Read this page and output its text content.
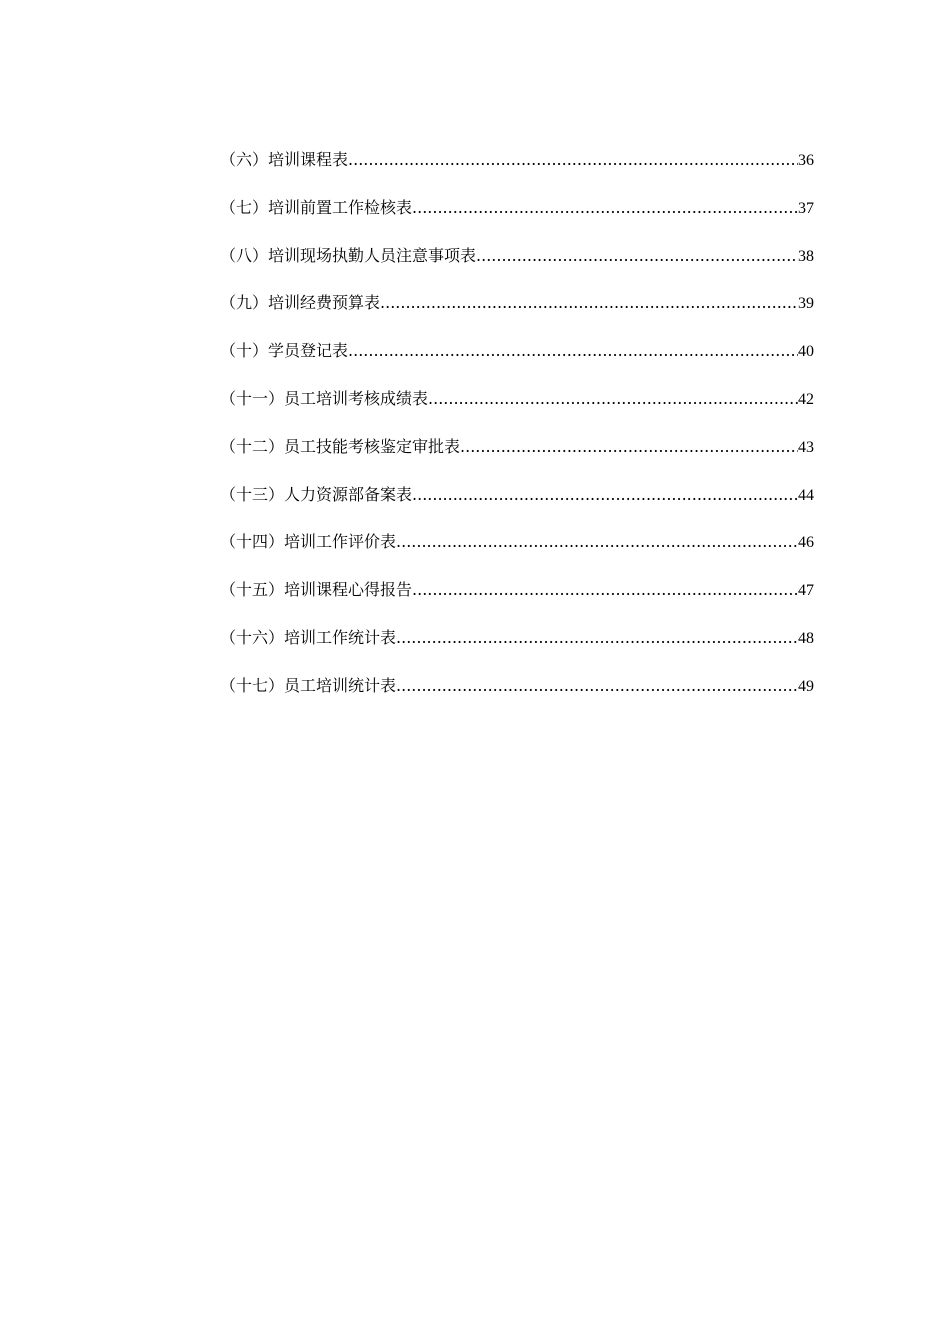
（六）培训课程表 .....	36
（七）培训前置工作检核表 .....	37
（八）培训现场执勤人员注意事项表 .....	38
（九）培训经费预算表 .....	39
（十）学员登记表 .....	40
（十一）员工培训考核成绩表 .....	42
（十二）员工技能考核鉴定审批表 .....	43
（十三）人力资源部备案表 .....	44
（十四）培训工作评价表 .....	46
（十五）培训课程心得报告 .....	47
（十六）培训工作统计表 .....	48
（十七）员工培训统计表 .....	49
